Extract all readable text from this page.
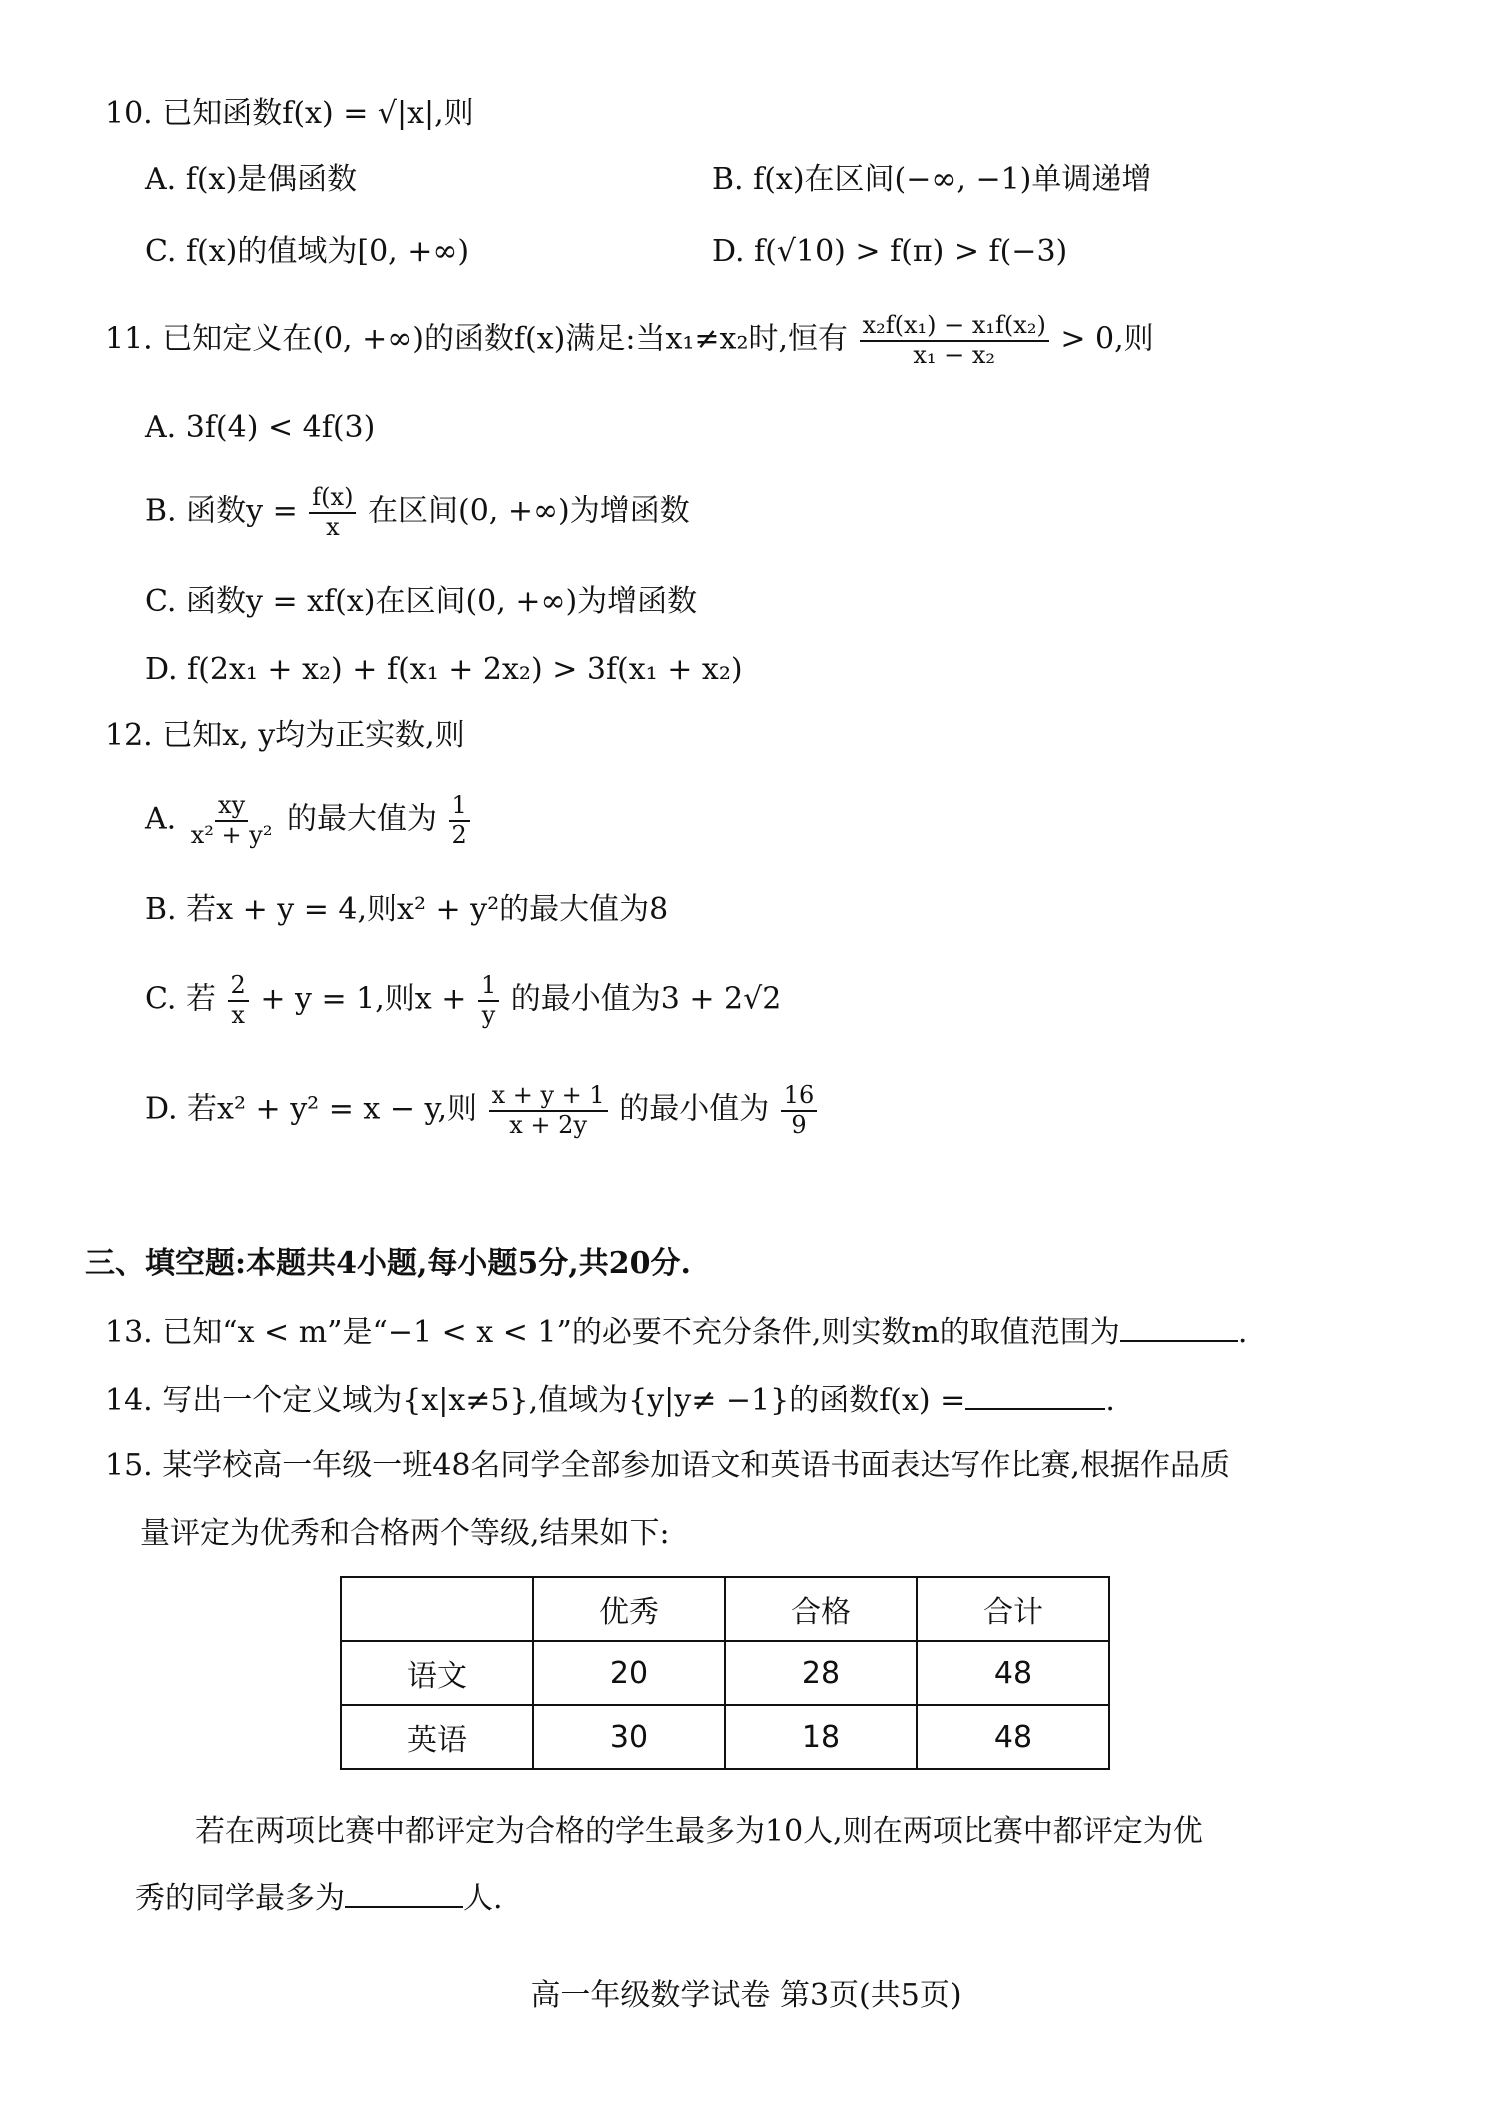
10. 已知函数f(x) = √|x|,则
A. f(x)是偶函数	B. f(x)在区间(−∞, −1)单调递增
C. f(x)的值域为[0, +∞)	D. f(√10) > f(π) > f(−3)
11. 已知定义在(0, +∞)的函数f(x)满足:当x₁≠x₂时,恒有 $\frac{\text{x₂f(x₁) − x₁f(x₂)}}{\text{x₁ − x₂}} > 0$,则
A. 3f(4) < 4f(3)
B. 函数$y = \frac{f(x)}{x}$ 在区间(0, +∞)为增函数
C. 函数y = xf(x)在区间(0, +∞)为增函数
D. f(2x₁ + x₂) + f(x₁ + 2x₂) > 3f(x₁ + x₂)
12. 已知x, y均为正实数,则
A. $\frac{xy}{\text{x² + y²}}$ 的最大值为 $\frac{1}{2}$
B. 若x + y = 4,则x² + y²的最大值为8
C. 若 $\frac{2}{x} + y = 1$,则$x + \frac{1}{y}$ 的最小值为3 + 2√2
D. 若x² + y² = x − y,则 $\frac{x + y + 1}{x + 2y}$ 的最小值为 $\frac{16}{9}$
三、填空题:本题共4小题,每小题5分,共20分.
13. 已知“x < m”是“−1 < x < 1”的必要不充分条件,则实数m的取值范围为	.
14. 写出一个定义域为{x|x≠5},值域为{y|y≠ −1}的函数f(x) =	.
15. 某学校高一年级一班48名同学全部参加语文和英语书面表达写作比赛,根据作品质
量评定为优秀和合格两个等级,结果如下:
	优秀	合格	合计
语文	20	28	48
英语	30	18	48
若在两项比赛中都评定为合格的学生最多为10人,则在两项比赛中都评定为优
秀的同学最多为	人.
高一年级数学试卷 第3页(共5页)
